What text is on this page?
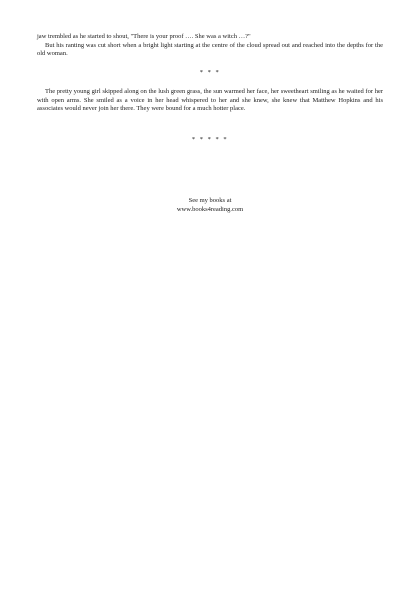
jaw trembled as he started to shout, "There is your proof …. She was a witch …?"

But his ranting was cut short when a bright light starting at the centre of the cloud spread out and reached into the depths for the old woman.

* * *

The pretty young girl skipped along on the lush green grass, the sun warmed her face, her sweetheart smiling as he waited for her with open arms. She smiled as a voice in her head whispered to her and she knew, she knew that Matthew Hopkins and his associates would never join her there. They were bound for a much hotter place.

* * * * *
See my books at
www.books4reading.com
